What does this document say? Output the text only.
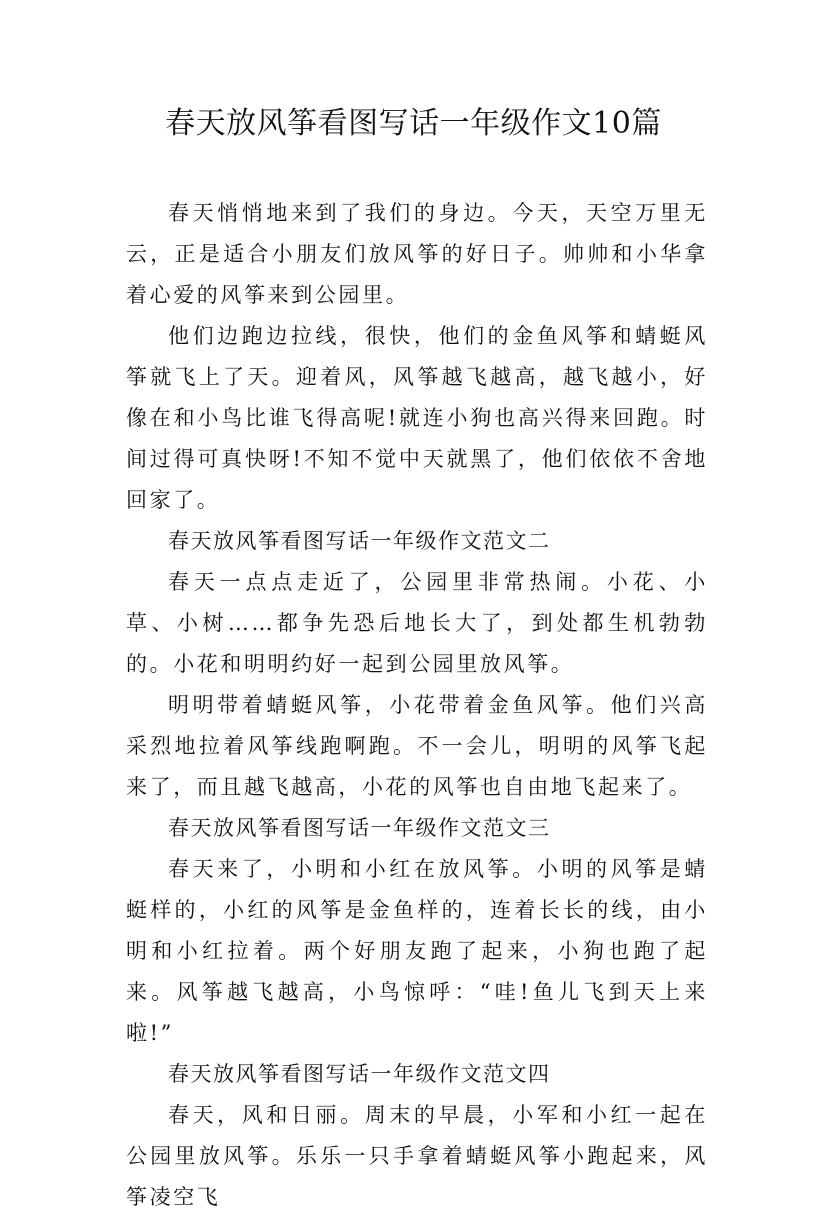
春天放风筝看图写话一年级作文10篇

春天悄悄地来到了我们的身边。今天，天空万里无云，正是适合小朋友们放风筝的好日子。帅帅和小华拿着心爱的风筝来到公园里。

他们边跑边拉线，很快，他们的金鱼风筝和蜻蜓风筝就飞上了天。迎着风，风筝越飞越高，越飞越小，好像在和小鸟比谁飞得高呢!就连小狗也高兴得来回跑。时间过得可真快呀!不知不觉中天就黑了，他们依依不舍地回家了。

春天放风筝看图写话一年级作文范文二

春天一点点走近了，公园里非常热闹。小花、小草、小树……都争先恐后地长大了，到处都生机勃勃的。小花和明明约好一起到公园里放风筝。

明明带着蜻蜓风筝，小花带着金鱼风筝。他们兴高采烈地拉着风筝线跑啊跑。不一会儿，明明的风筝飞起来了，而且越飞越高，小花的风筝也自由地飞起来了。

春天放风筝看图写话一年级作文范文三

春天来了，小明和小红在放风筝。小明的风筝是蜻蜓样的，小红的风筝是金鱼样的，连着长长的线，由小明和小红拉着。两个好朋友跑了起来，小狗也跑了起来。风筝越飞越高，小鸟惊呼：“哇!鱼儿飞到天上来啦!”

春天放风筝看图写话一年级作文范文四

春天，风和日丽。周末的早晨，小军和小红一起在公园里放风筝。乐乐一只手拿着蜻蜓风筝小跑起来，风筝凌空飞
